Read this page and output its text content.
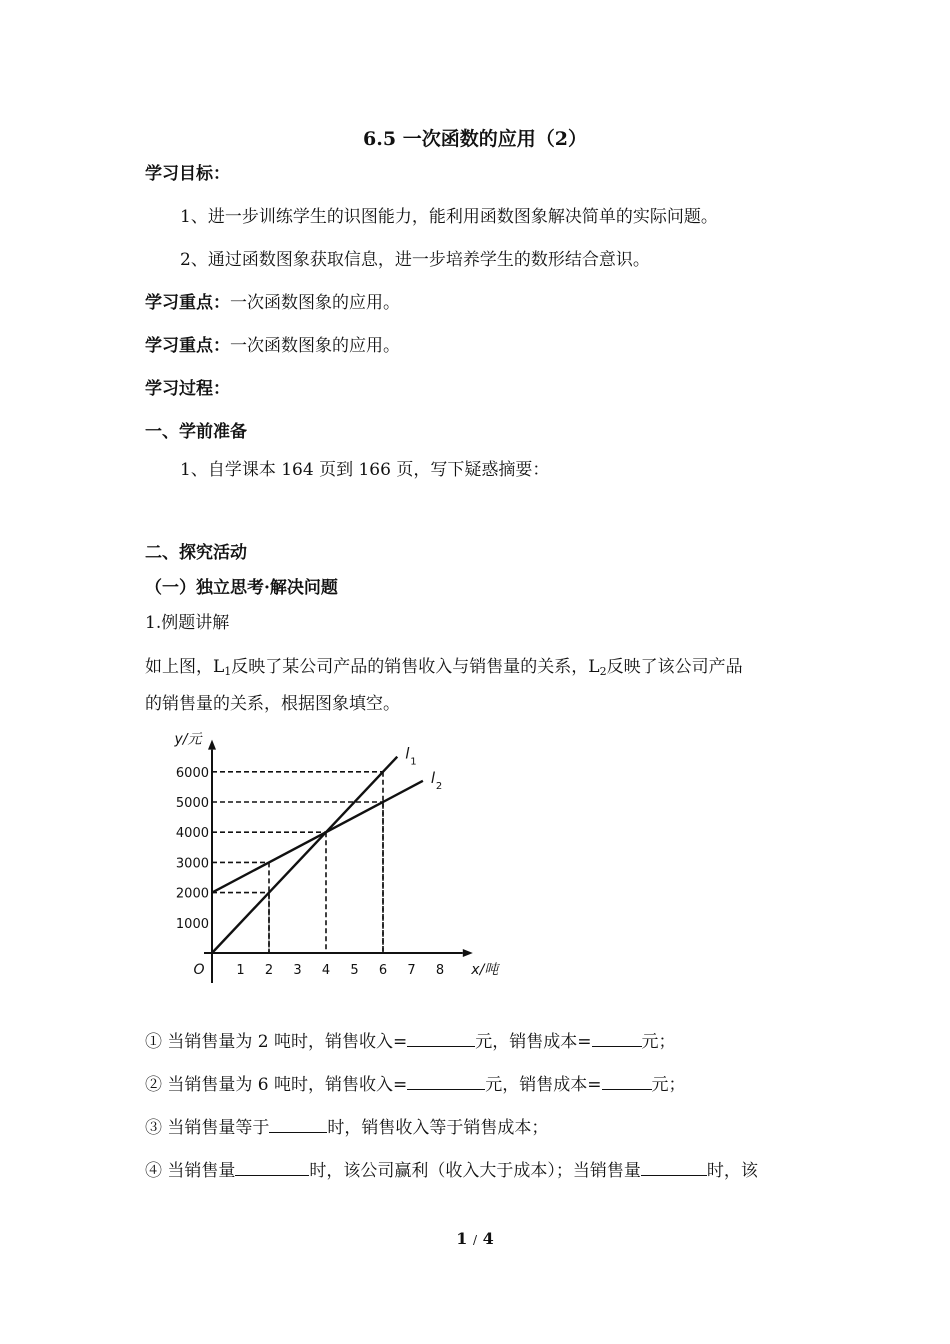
6.5 一次函数的应用（2）
学习目标：
1、进一步训练学生的识图能力，能利用函数图象解决简单的实际问题。
2、通过函数图象获取信息，进一步培养学生的数形结合意识。
学习重点：一次函数图象的应用。
学习重点：一次函数图象的应用。
学习过程：
一、学前准备
1、自学课本 164 页到 166 页，写下疑惑摘要：
二、探究活动
（一）独立思考·解决问题
1.例题讲解
如上图，$L_1$反映了某公司产品的销售收入与销售量的关系，$L_2$反映了该公司产品
的销售量的关系，根据图象填空。
1 2 3 4 5 6 7 8
1000
2000
3000
4000
5000
6000
O	x/吨
y/元
l 1
l 2
① 当销售量为 2 吨时，销售收入=	元，销售成本=	元；
② 当销售量为 6 吨时，销售收入=	元，销售成本=	元；
③ 当销售量等于	时，销售收入等于销售成本；
④ 当销售量	时，该公司赢利（收入大于成本）；当销售量	时，该
1 / 4
